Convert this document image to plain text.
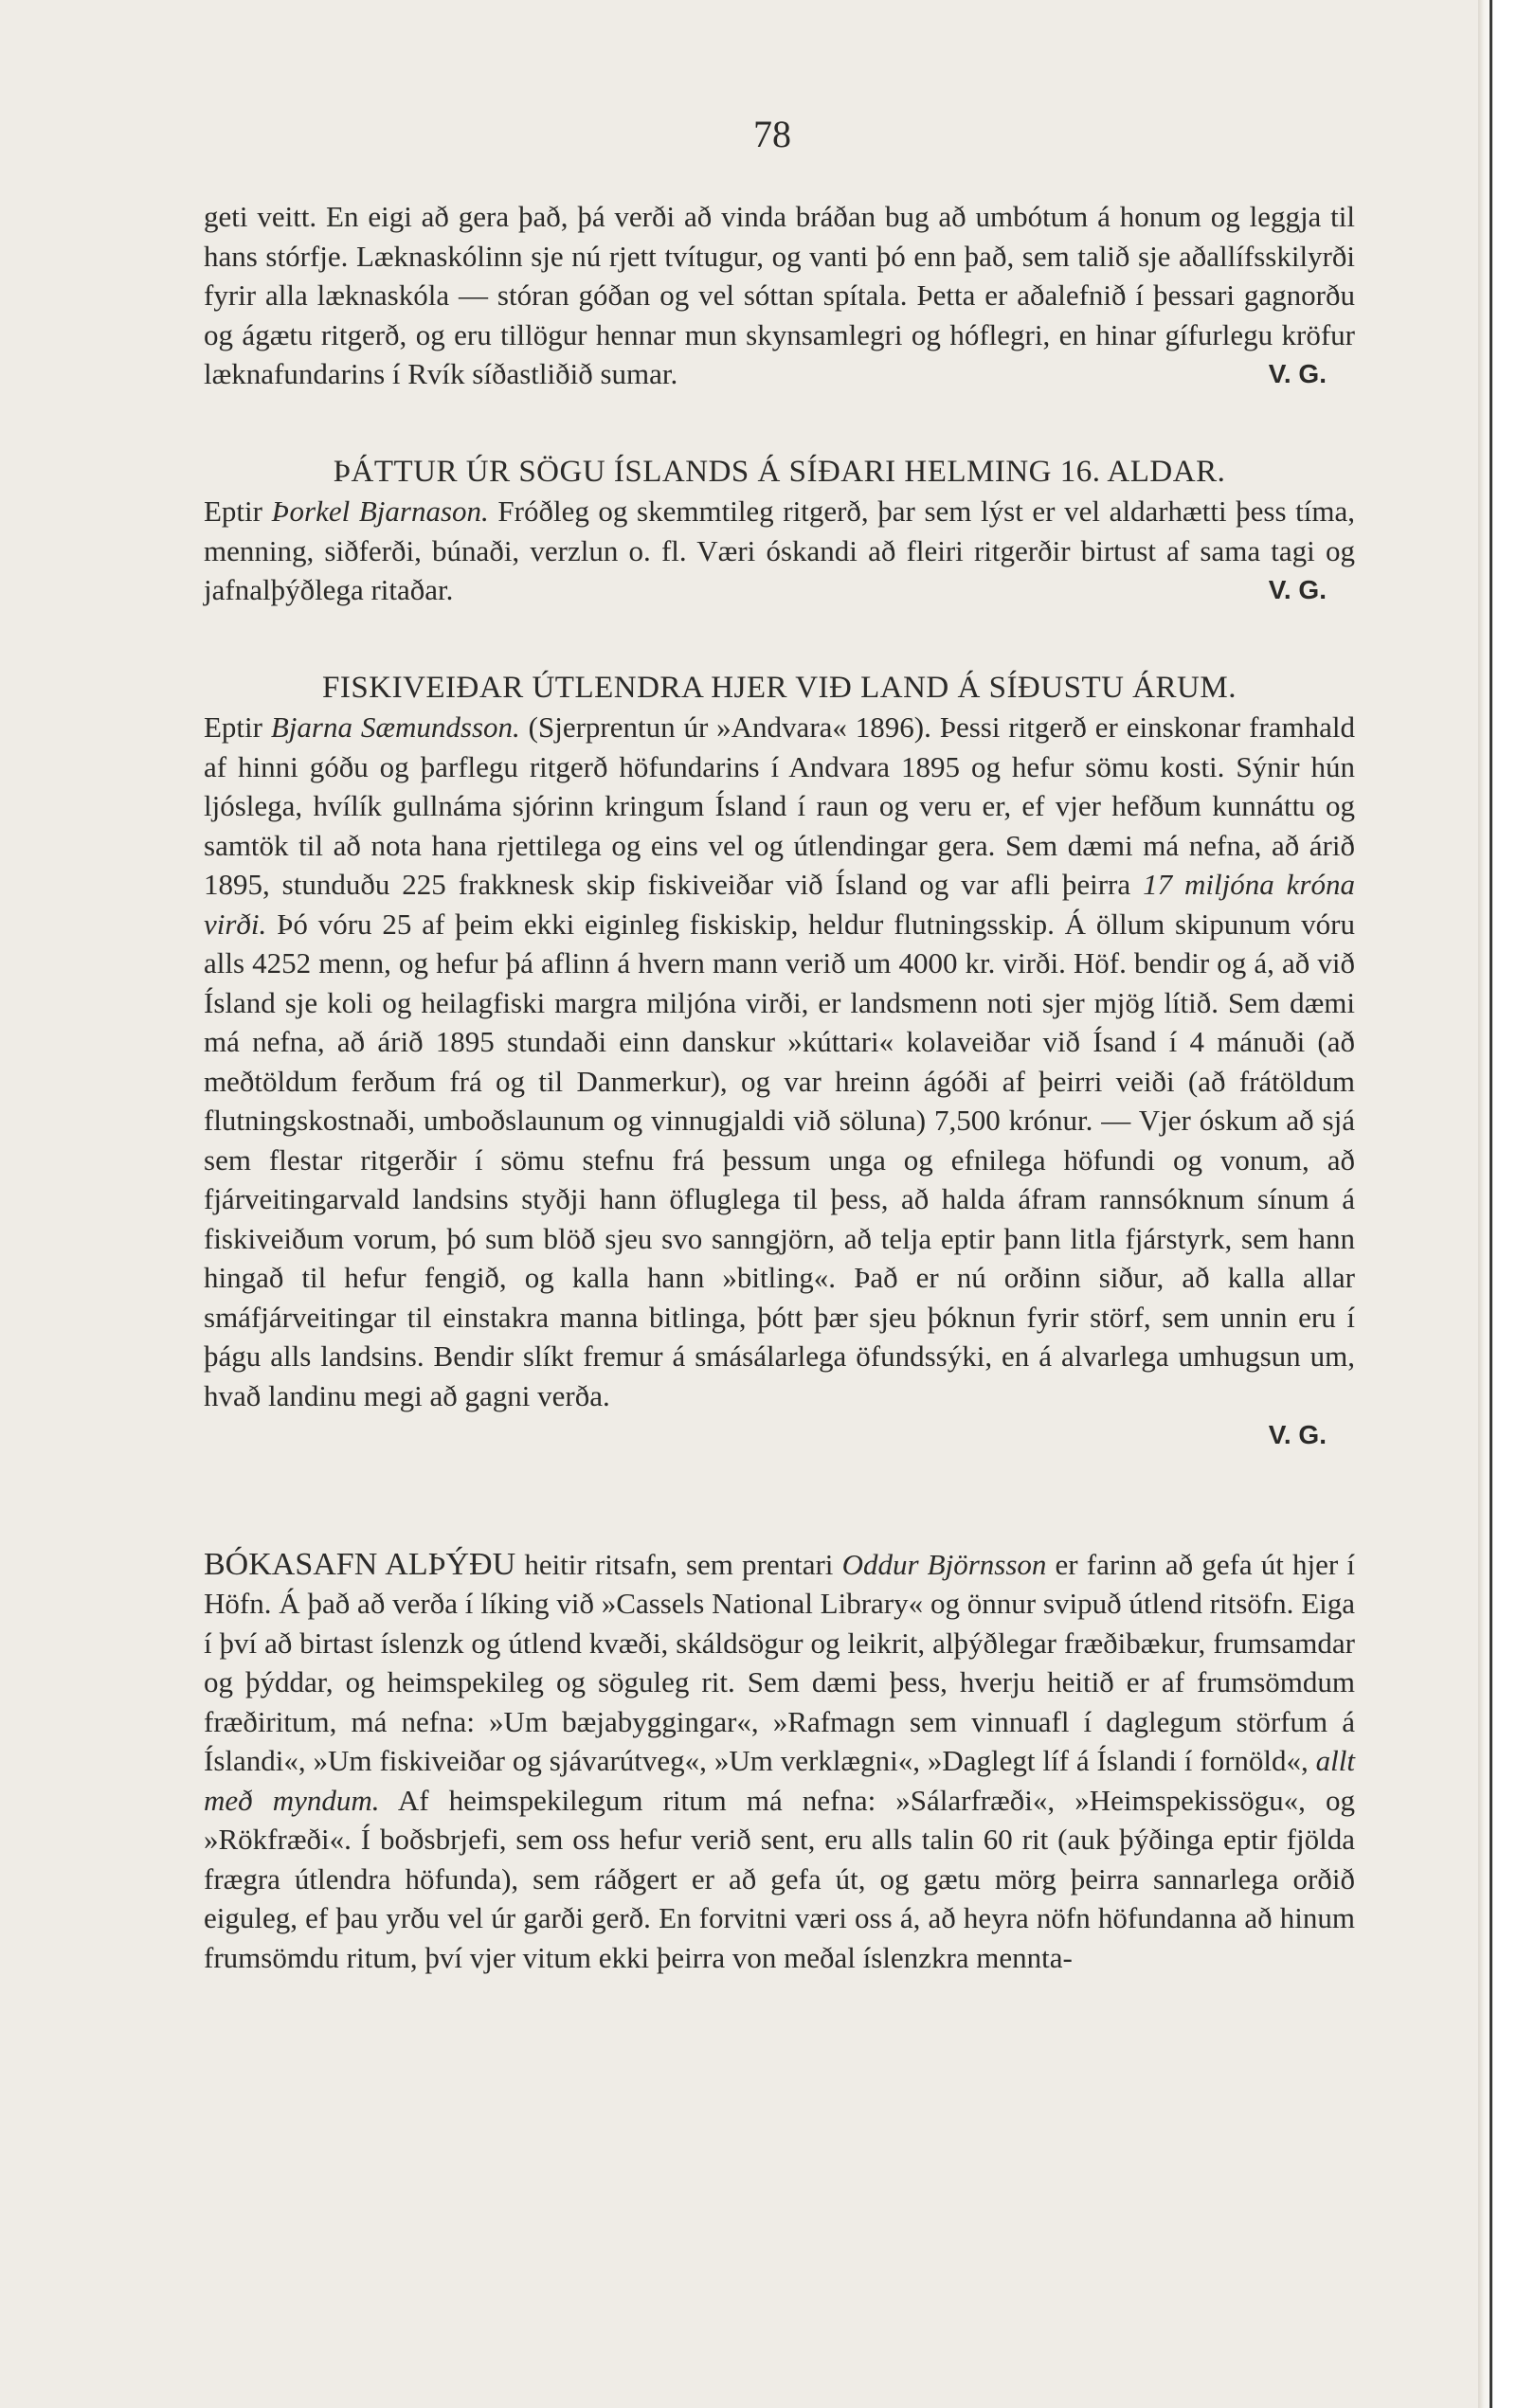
78

geti veitt. En eigi að gera það, þá verði að vinda bráðan bug að umbótum á honum og leggja til hans stórfje. Læknaskólinn sje nú rjett tvítugur, og vanti þó enn það, sem talið sje aðallífsskilyrði fyrir alla læknaskóla — stóran góðan og vel sóttan spítala. Þetta er aðalefnið í þessari gagnorðu og ágætu ritgerð, og eru tillögur hennar mun skynsamlegri og hóflegri, en hinar gífurlegu kröfur læknafundarins í Rvík síðastliðið sumar.	V. G.

ÞÁTTUR ÚR SÖGU ÍSLANDS Á SÍÐARI HELMING 16. ALDAR.

Eptir Þorkel Bjarnason. Fróðleg og skemmtileg ritgerð, þar sem lýst er vel aldarhætti þess tíma, menning, siðferði, búnaði, verzlun o. fl. Væri óskandi að fleiri ritgerðir birtust af sama tagi og jafnalþýðlega ritaðar.	V. G.

FISKIVEIÐAR ÚTLENDRA HJER VIÐ LAND Á SÍÐUSTU ÁRUM.

Eptir Bjarna Sæmundsson. (Sjerprentun úr »Andvara« 1896). Þessi ritgerð er einskonar framhald af hinni góðu og þarflegu ritgerð höfundarins í Andvara 1895 og hefur sömu kosti. Sýnir hún ljóslega, hvílík gullnáma sjórinn kringum Ísland í raun og veru er, ef vjer hefðum kunnáttu og samtök til að nota hana rjettilega og eins vel og útlendingar gera. Sem dæmi má nefna, að árið 1895, stunduðu 225 frakknesk skip fiskiveiðar við Ísland og var afli þeirra 17 miljóna króna virði. Þó vóru 25 af þeim ekki eiginleg fiskiskip, heldur flutningsskip. Á öllum skipunum vóru alls 4252 menn, og hefur þá aflinn á hvern mann verið um 4000 kr. virði. Höf. bendir og á, að við Ísland sje koli og heilagfiski margra miljóna virði, er landsmenn noti sjer mjög lítið. Sem dæmi má nefna, að árið 1895 stundaði einn danskur »kúttari« kolaveiðar við Ísand í 4 mánuði (að meðtöldum ferðum frá og til Danmerkur), og var hreinn ágóði af þeirri veiði (að frátöldum flutningskostnaði, umboðslaunum og vinnugjaldi við söluna) 7,500 krónur. — Vjer óskum að sjá sem flestar ritgerðir í sömu stefnu frá þessum unga og efnilega höfundi og vonum, að fjárveitingarvald landsins styðji hann öfluglega til þess, að halda áfram rannsóknum sínum á fiskiveiðum vorum, þó sum blöð sjeu svo sanngjörn, að telja eptir þann litla fjárstyrk, sem hann hingað til hefur fengið, og kalla hann »bitling«. Það er nú orðinn siður, að kalla allar smáfjárveitingar til einstakra manna bitlinga, þótt þær sjeu þóknun fyrir störf, sem unnin eru í þágu alls landsins. Bendir slíkt fremur á smásálarlega öfundssýki, en á alvarlega umhugsun um, hvað landinu megi að gagni verða.

V. G.

BÓKASAFN ALÞÝÐU heitir ritsafn, sem prentari Oddur Björnsson er farinn að gefa út hjer í Höfn. Á það að verða í líking við »Cassels National Library« og önnur svipuð útlend ritsöfn. Eiga í því að birtast íslenzk og útlend kvæði, skáldsögur og leikrit, alþýðlegar fræðibækur, frumsamdar og þýddar, og heimspekileg og söguleg rit. Sem dæmi þess, hverju heitið er af frumsömdum fræðiritum, má nefna: »Um bæjabyggingar«, »Rafmagn sem vinnuafl í daglegum störfum á Íslandi«, »Um fiskiveiðar og sjávarútveg«, »Um verklægni«, »Daglegt líf á Íslandi í fornöld«, allt með myndum. Af heimspekilegum ritum má nefna: »Sálarfræði«, »Heimspekissögu«, og »Rökfræði«. Í boðsbrjefi, sem oss hefur verið sent, eru alls talin 60 rit (auk þýðinga eptir fjölda frægra útlendra höfunda), sem ráðgert er að gefa út, og gætu mörg þeirra sannarlega orðið eiguleg, ef þau yrðu vel úr garði gerð. En forvitni væri oss á, að heyra nöfn höfundanna að hinum frumsömdu ritum, því vjer vitum ekki þeirra von meðal íslenzkra mennta-
